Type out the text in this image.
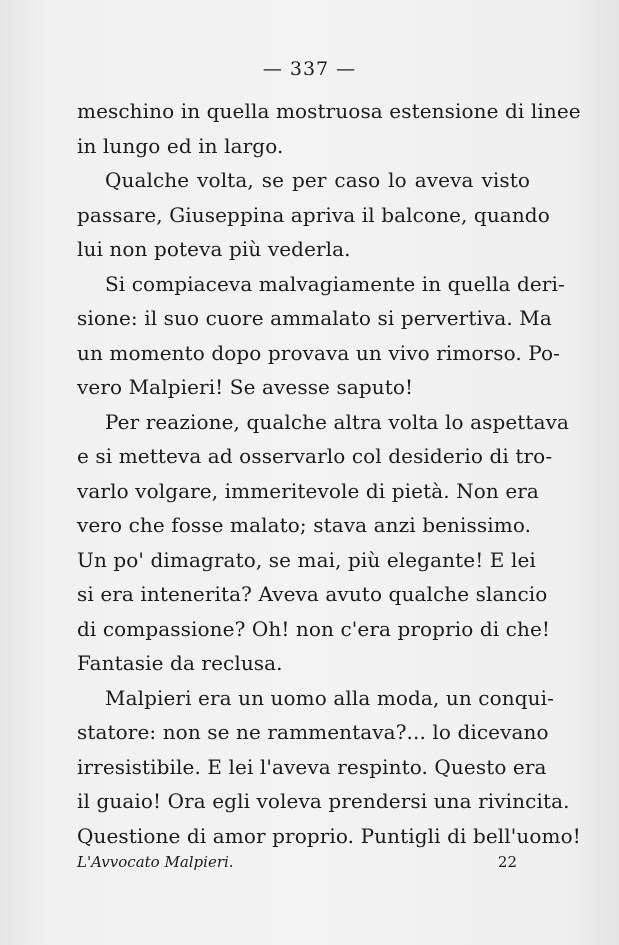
— 337 —
meschino in quella mostruosa estensione di linee
in lungo ed in largo.
Qualche volta, se per caso lo aveva visto
passare, Giuseppina apriva il balcone, quando
lui non poteva più vederla.
Si compiaceva malvagiamente in quella deri-
sione: il suo cuore ammalato si pervertiva. Ma
un momento dopo provava un vivo rimorso. Po-
vero Malpieri! Se avesse saputo!
Per reazione, qualche altra volta lo aspettava
e si metteva ad osservarlo col desiderio di tro-
varlo volgare, immeritevole di pietà. Non era
vero che fosse malato; stava anzi benissimo.
Un po' dimagrato, se mai, più elegante! E lei
si era intenerita? Aveva avuto qualche slancio
di compassione? Oh! non c'era proprio di che!
Fantasie da reclusa.
Malpieri era un uomo alla moda, un conqui-
statore: non se ne rammentava?... lo dicevano
irresistibile. E lei l'aveva respinto. Questo era
il guaio! Ora egli voleva prendersi una rivincita.
Questione di amor proprio. Puntigli di bell'uomo!
L'Avvocato Malpieri.	22
